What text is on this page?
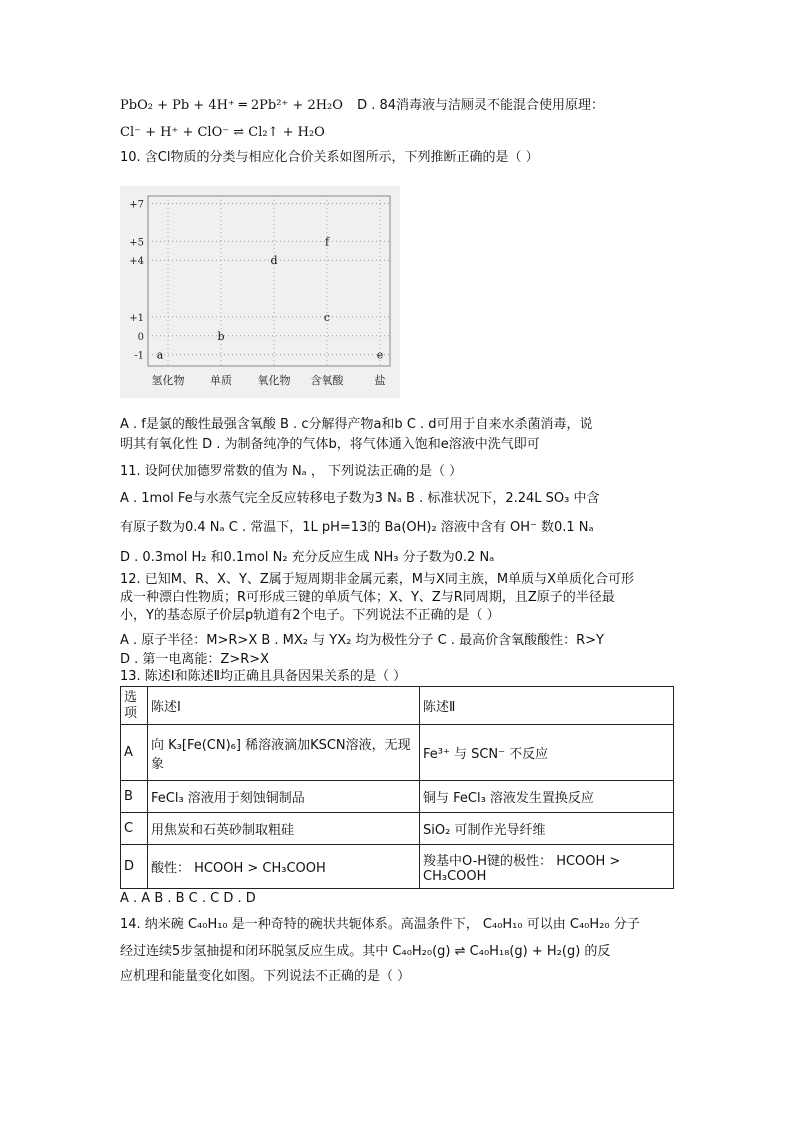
PbO₂ + Pb + 4H⁺ ═ 2Pb²⁺ + 2H₂O D . 84消毒液与洁厕灵不能混合使用原理：
Cl⁻ + H⁺ + ClO⁻ ⇌ Cl₂↑ + H₂O
10. 含Cl物质的分类与相应化合价关系如图所示，下列推断正确的是（ ）
+7
+5
+4
+1
0
-1
氢化物 单质 氧化物 含氧酸	盐
a
b
d
f
c
e
A . f是氯的酸性最强含氧酸 B . c分解得产物a和b C . d可用于自来水杀菌消毒，说
明其有氧化性 D . 为制备纯净的气体b，将气体通入饱和e溶液中洗气即可
11. 设阿伏加德罗常数的值为 Nₐ ， 下列说法正确的是（ ）
A . 1mol Fe与水蒸气完全反应转移电子数为3 Nₐ B . 标准状况下，2.24L SO₃ 中含
有原子数为0.4 Nₐ C . 常温下，1L pH=13的 Ba(OH)₂ 溶液中含有 OH⁻ 数0.1 Nₐ
D . 0.3mol H₂ 和0.1mol N₂ 充分反应生成 NH₃ 分子数为0.2 Nₐ
12. 已知M、R、X、Y、Z属于短周期非金属元素，M与X同主族，M单质与X单质化合可形
成一种漂白性物质；R可形成三键的单质气体；X、Y、Z与R同周期，且Z原子的半径最
小，Y的基态原子价层p轨道有2个电子。下列说法不正确的是（ ）
A . 原子半径：M>R>X B . MX₂ 与 YX₂ 均为极性分子 C . 最高价含氧酸酸性：R>Y
D . 第一电离能：Z>R>X
13. 陈述Ⅰ和陈述Ⅱ均正确且具备因果关系的是（ ）
选项	陈述Ⅰ	陈述Ⅱ
A	向 K₃[Fe(CN)₆] 稀溶液滴加KSCN溶液，无现象	Fe³⁺ 与 SCN⁻ 不反应
B	FeCl₃ 溶液用于刻蚀铜制品	铜与 FeCl₃ 溶液发生置换反应
C	用焦炭和石英砂制取粗硅	SiO₂ 可制作光导纤维
D	酸性： HCOOH > CH₃COOH	羧基中O-H键的极性： HCOOH > CH₃COOH
A . A B . B C . C D . D
14. 纳米碗 C₄₀H₁₀ 是一种奇特的碗状共轭体系。高温条件下， C₄₀H₁₀ 可以由 C₄₀H₂₀ 分子
经过连续5步氢抽提和闭环脱氢反应生成。其中 C₄₀H₂₀(g) ⇌ C₄₀H₁₈(g) + H₂(g) 的反
应机理和能量变化如图。下列说法不正确的是（ ）
